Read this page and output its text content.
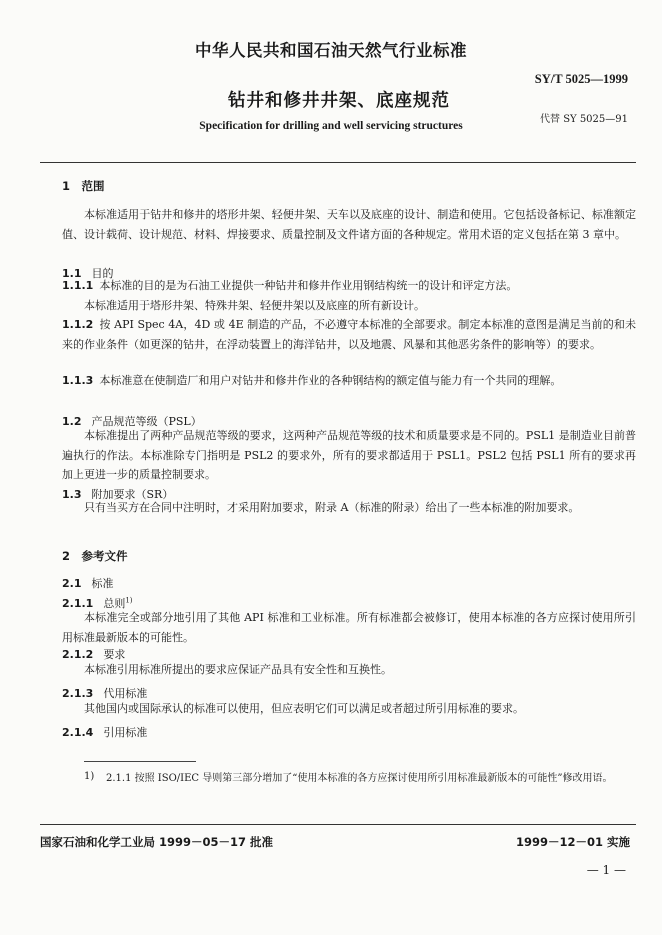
中华人民共和国石油天然气行业标准
SY/T 5025—1999
钻井和修井井架、底座规范
代替 SY 5025—91
Specification for drilling and well servicing structures
1　范围

本标准适用于钻井和修井的塔形井架、轻便井架、天车以及底座的设计、制造和使用。它包括设备标记、标准额定值、设计载荷、设计规范、材料、焊接要求、质量控制及文件诸方面的各种规定。常用术语的定义包括在第 3 章中。

1.1 目的

1.1.1 本标准的目的是为石油工业提供一种钻井和修井作业用钢结构统一的设计和评定方法。

本标准适用于塔形井架、特殊井架、轻便井架以及底座的所有新设计。

1.1.2 按 API Spec 4A，4D 或 4E 制造的产品，不必遵守本标准的全部要求。制定本标准的意图是满足当前的和未来的作业条件（如更深的钻井，在浮动装置上的海洋钻井，以及地震、风暴和其他恶劣条件的影响等）的要求。

1.1.3 本标准意在使制造厂和用户对钻井和修井作业的各种钢结构的额定值与能力有一个共同的理解。

1.2 产品规范等级（PSL）

本标准提出了两种产品规范等级的要求，这两种产品规范等级的技术和质量要求是不同的。PSL1 是制造业目前普遍执行的作法。本标准除专门指明是 PSL2 的要求外，所有的要求都适用于 PSL1。PSL2 包括 PSL1 所有的要求再加上更进一步的质量控制要求。

1.3 附加要求（SR）

只有当买方在合同中注明时，才采用附加要求，附录 A（标准的附录）给出了一些本标准的附加要求。

2　参考文件
2.1 标准
2.1.1 总则$^{1)}$

本标准完全或部分地引用了其他 API 标准和工业标准。所有标准都会被修订，使用本标准的各方应探讨使用所引用标准最新版本的可能性。

2.1.2 要求

本标准引用标准所提出的要求应保证产品具有安全性和互换性。

2.1.3 代用标准

其他国内或国际承认的标准可以使用，但应表明它们可以满足或者超过所引用标准的要求。

2.1.4 引用标准
1) 2.1.1 按照 ISO/IEC 导则第三部分增加了“使用本标准的各方应探讨使用所引用标准最新版本的可能性”修改用语。

国家石油和化学工业局 1999－05－17 批准	1999－12－01 实施
— 1 —
